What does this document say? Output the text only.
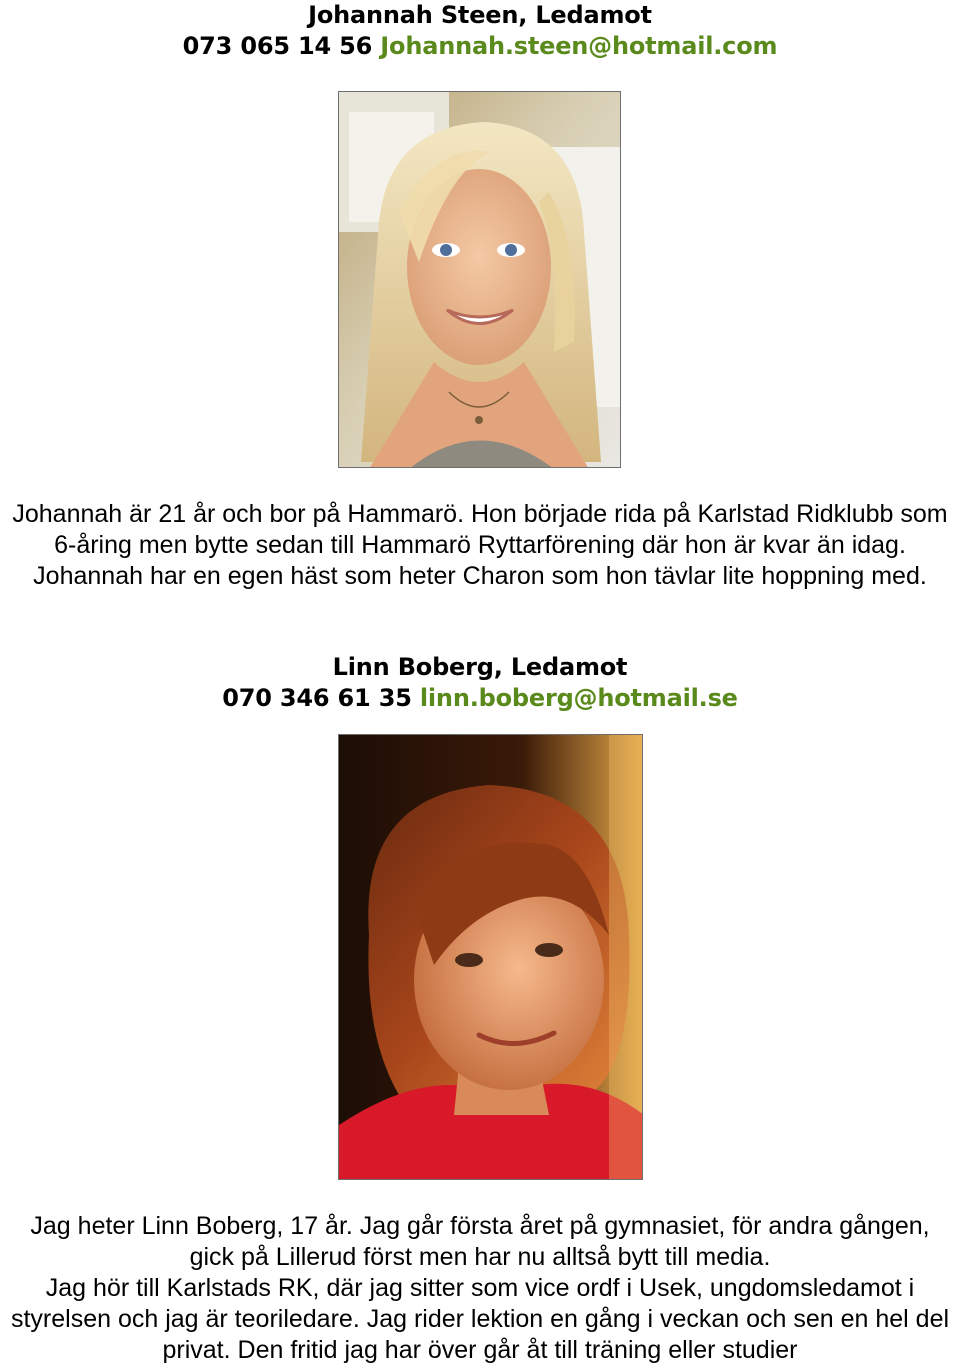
Johannah Steen, Ledamot
073 065 14 56 Johannah.steen@hotmail.com
Johannah är 21 år och bor på Hammarö. Hon började rida på Karlstad Ridklubb som
6-åring men bytte sedan till Hammarö Ryttarförening där hon är kvar än idag.
Johannah har en egen häst som heter Charon som hon tävlar lite hoppning med.
Linn Boberg, Ledamot
070 346 61 35 linn.boberg@hotmail.se
Jag heter Linn Boberg, 17 år. Jag går första året på gymnasiet, för andra gången,
gick på Lillerud först men har nu alltså bytt till media.
Jag hör till Karlstads RK, där jag sitter som vice ordf i Usek, ungdomsledamot i
styrelsen och jag är teoriledare. Jag rider lektion en gång i veckan och sen en hel del
privat. Den fritid jag har över går åt till träning eller studier
